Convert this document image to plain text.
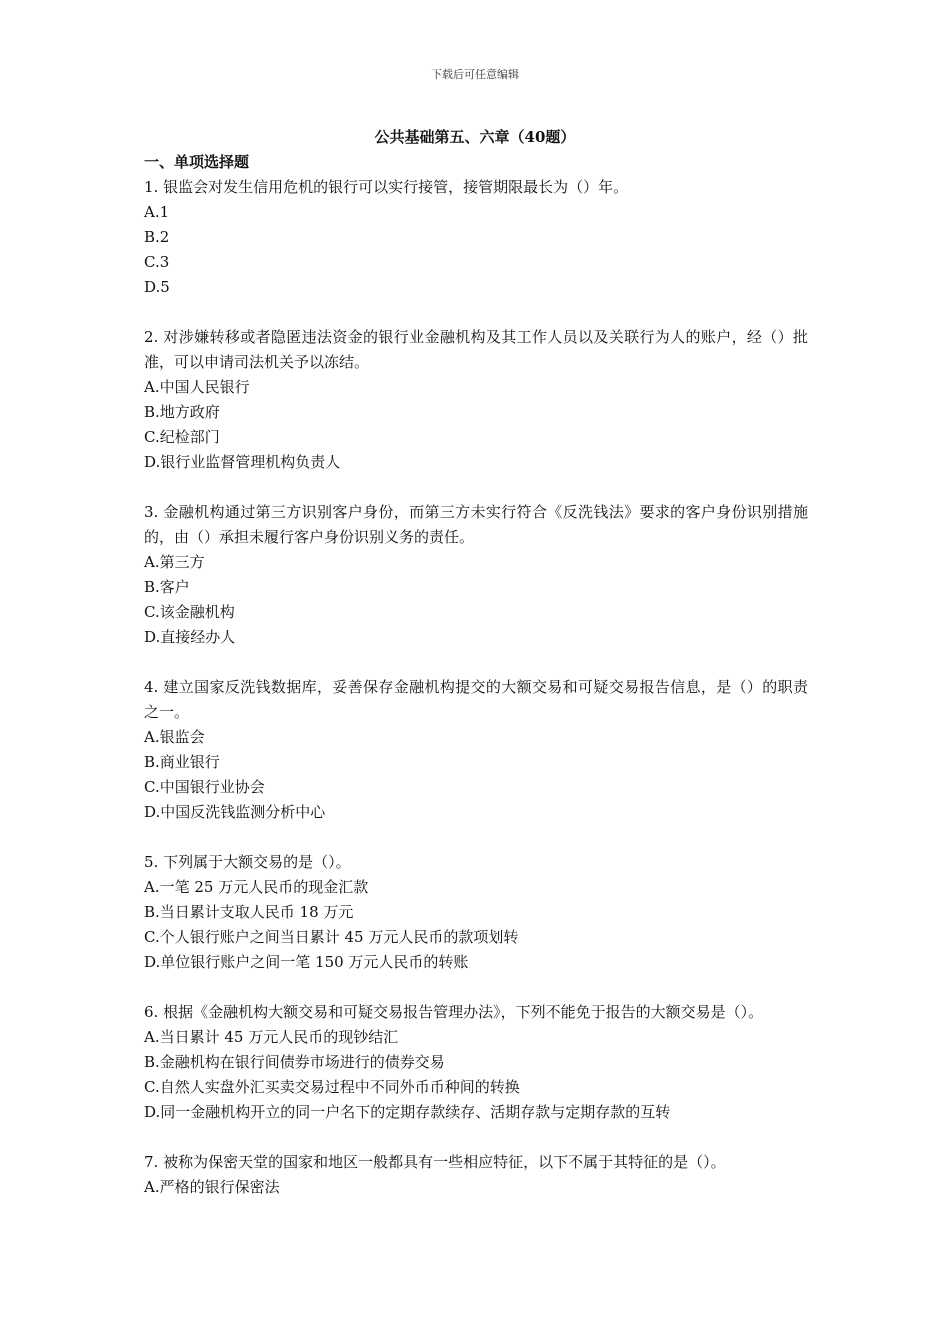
下载后可任意编辑
公共基础第五、六章（40题）

一、单项选择题

1. 银监会对发生信用危机的银行可以实行接管，接管期限最长为（）年。

A.1

B.2

C.3

D.5

2. 对涉嫌转移或者隐匿违法资金的银行业金融机构及其工作人员以及关联行为人的账户，经（）批准，可以申请司法机关予以冻结。

A.中国人民银行

B.地方政府

C.纪检部门

D.银行业监督管理机构负责人

3. 金融机构通过第三方识别客户身份，而第三方未实行符合《反洗钱法》要求的客户身份识别措施的，由（）承担未履行客户身份识别义务的责任。

A.第三方

B.客户

C.该金融机构

D.直接经办人

4. 建立国家反洗钱数据库，妥善保存金融机构提交的大额交易和可疑交易报告信息，是（）的职责之一。

A.银监会

B.商业银行

C.中国银行业协会

D.中国反洗钱监测分析中心

5. 下列属于大额交易的是（）。

A.一笔 25 万元人民币的现金汇款

B.当日累计支取人民币 18 万元

C.个人银行账户之间当日累计 45 万元人民币的款项划转

D.单位银行账户之间一笔 150 万元人民币的转账

6. 根据《金融机构大额交易和可疑交易报告管理办法》，下列不能免于报告的大额交易是（）。

A.当日累计 45 万元人民币的现钞结汇

B.金融机构在银行间债券市场进行的债券交易

C.自然人实盘外汇买卖交易过程中不同外币币种间的转换

D.同一金融机构开立的同一户名下的定期存款续存、活期存款与定期存款的互转

7. 被称为保密天堂的国家和地区一般都具有一些相应特征，以下不属于其特征的是（）。

A.严格的银行保密法
